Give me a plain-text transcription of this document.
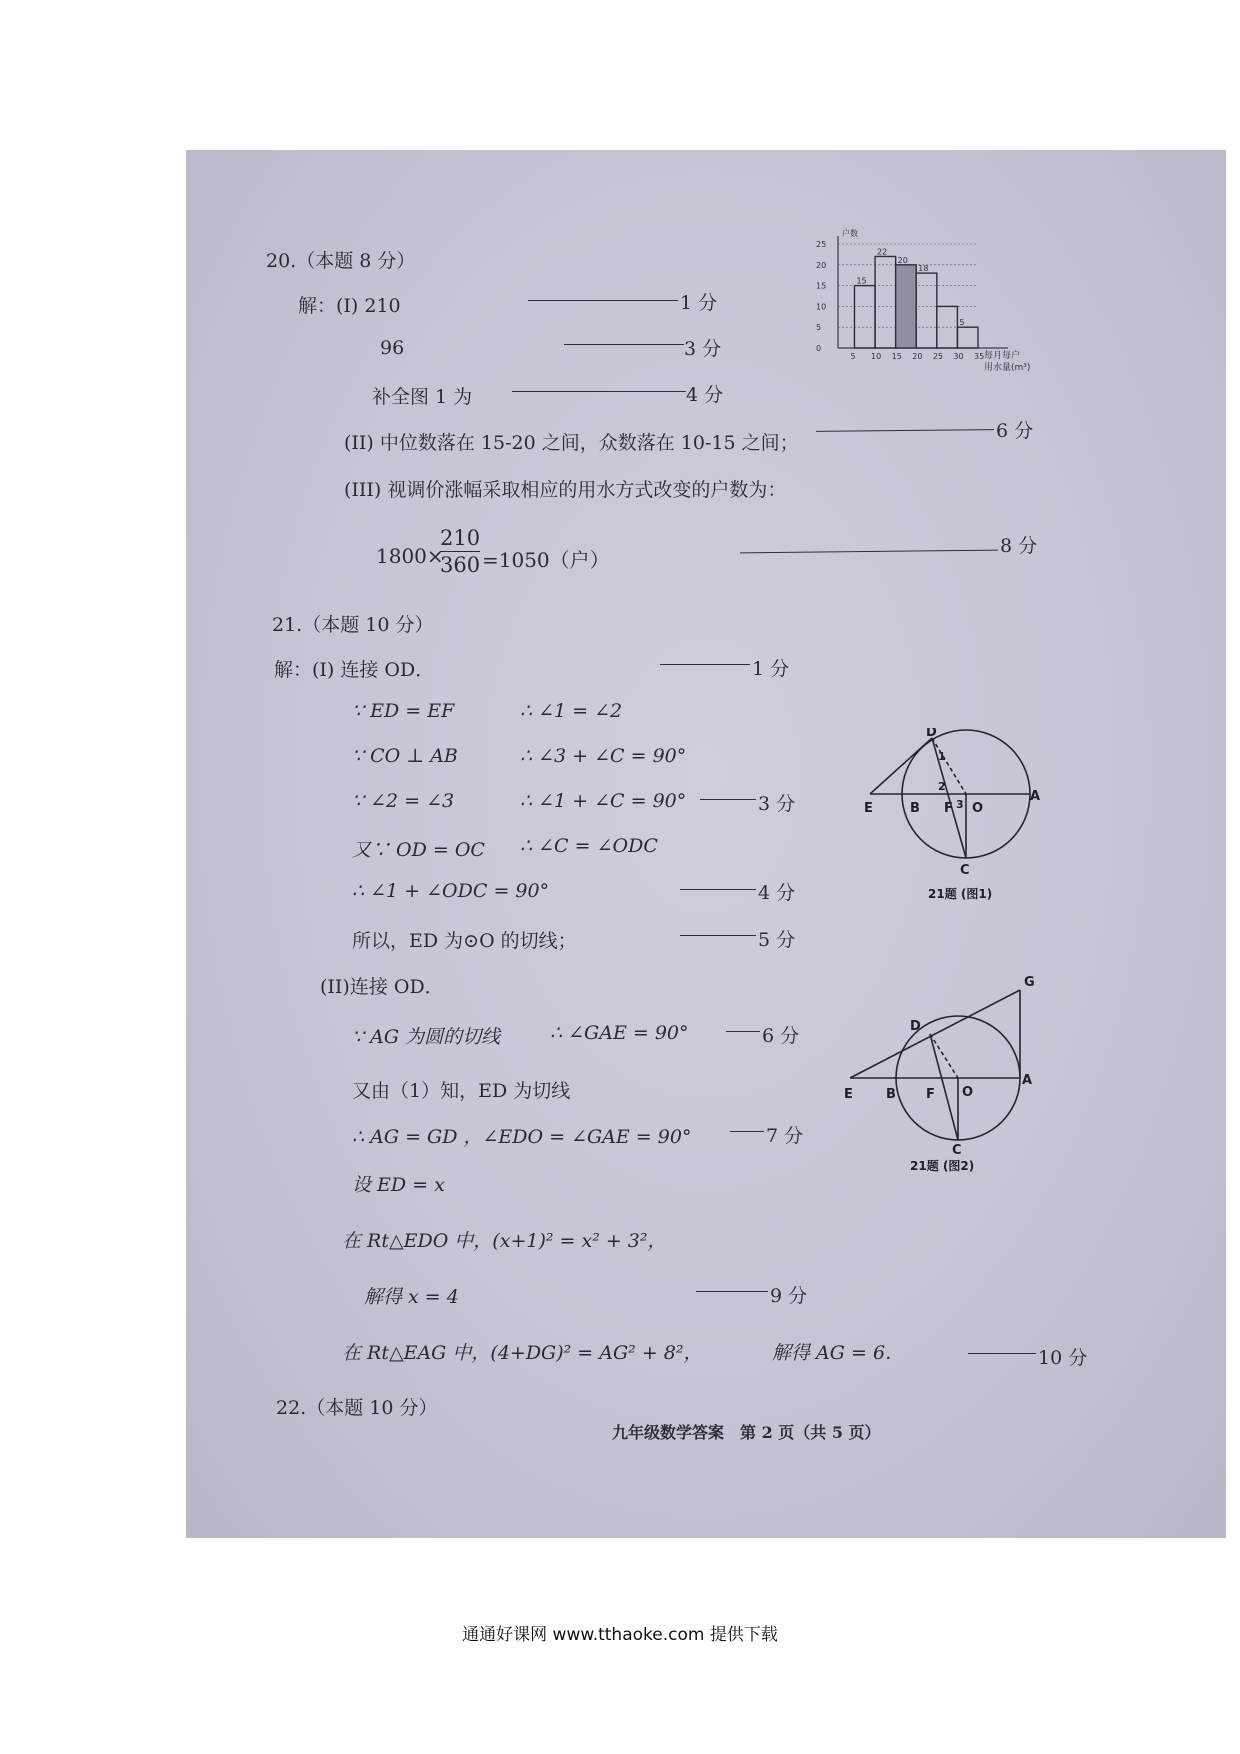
20.（本题 8 分）
解：(I) 210	1 分
96	3 分
补全图 1 为	4 分
(II) 中位数落在 15-20 之间，众数落在 10-15 之间；
6 分
(III) 视调价涨幅采取相应的用水方式改变的户数为：
1800×
210
360 =1050（户）
8 分
15
22
20
18
5
25
20
15
10
5
0
5 10 15 20 25 30 35
户数
每月每户
用水量(m³)
21.（本题 10 分）
解：(I) 连接 OD．	1 分
∵ ED = EF	∴ ∠1 = ∠2
∵ CO ⊥ AB	∴ ∠3 + ∠C = 90°
∵ ∠2 = ∠3	∴ ∠1 + ∠C = 90°	3 分
又∵ OD = OC ∴ ∠C = ∠ODC
∴ ∠1 + ∠ODC = 90°	4 分
所以，ED 为⊙O 的切线；	5 分
(II)连接 OD．
∵ AG 为圆的切线	∴ ∠GAE = 90°	6 分
又由（1）知，ED 为切线
∴ AG = GD ，∠EDO = ∠GAE = 90°	7 分
设 ED = x
在 Rt△EDO 中，(x+1)² = x² + 3²，
解得 x = 4	9 分
在 Rt△EAG 中，(4+DG)² = AG² + 8²，	解得 AG = 6．	10 分
D
E	B F O
A
C
1
2
3
21题 (图1)
G
D
E	B F O
A
C
21题 (图2)
22.（本题 10 分）
九年级数学答案　第 2 页（共 5 页）
通通好课网 www.tthaoke.com 提供下载
